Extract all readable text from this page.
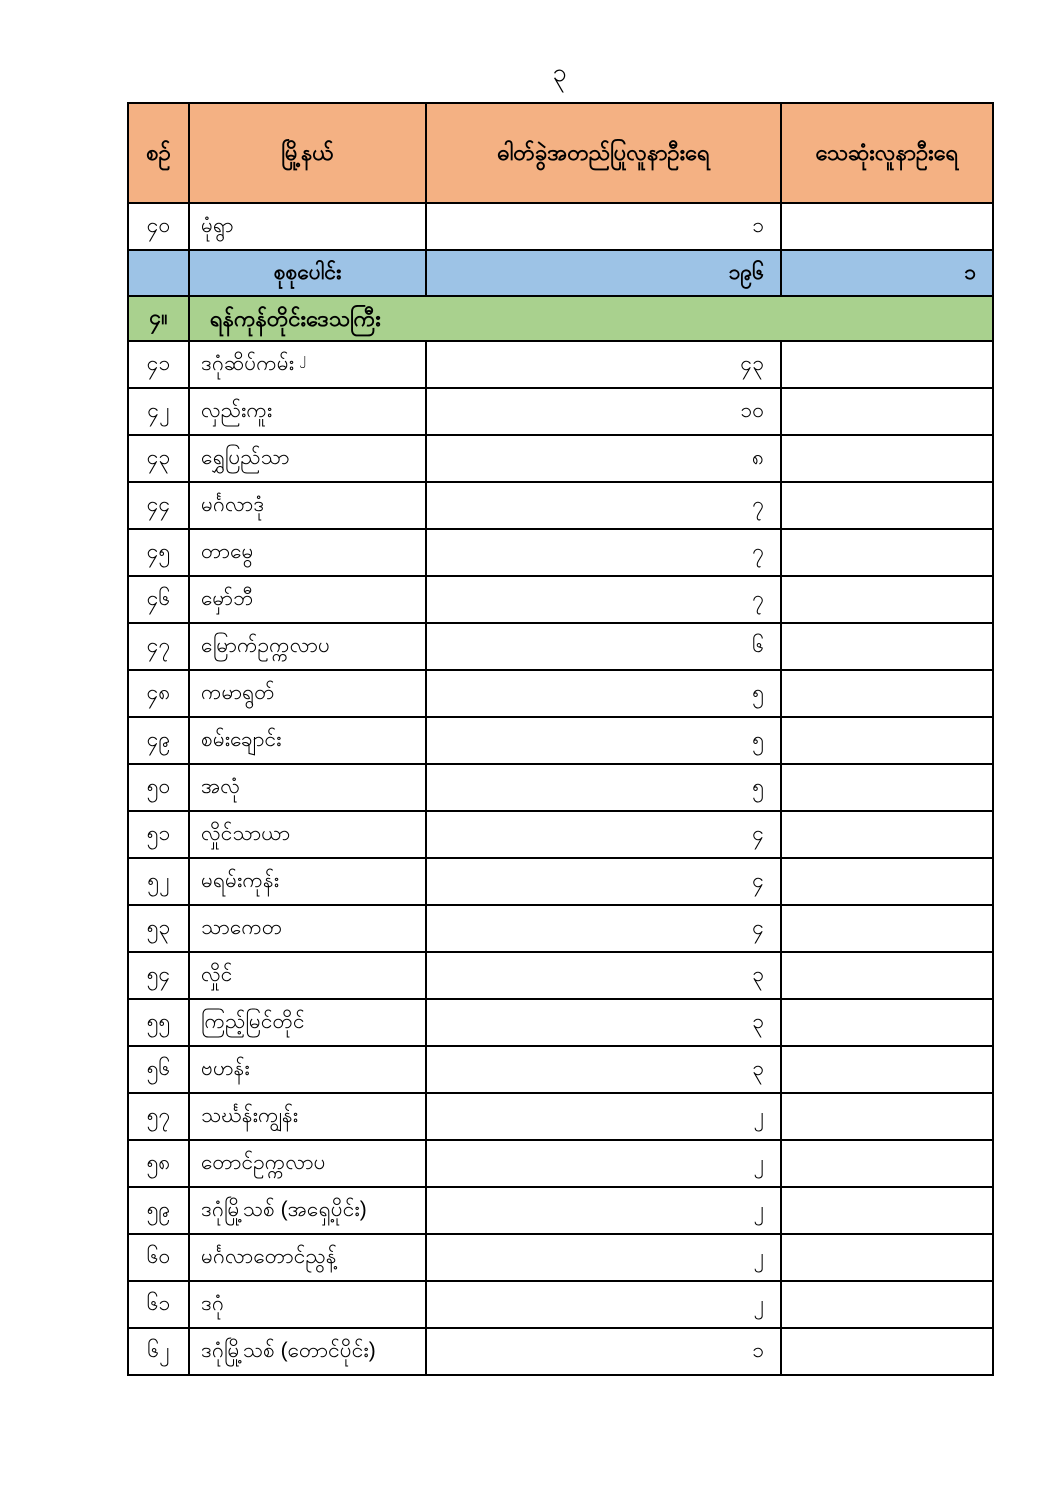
၃
စဉ်	မြို့နယ်	ဓါတ်ခွဲအတည်ပြုလူနာဦးရေ	သေဆုံးလူနာဦးရေ
၄၀	မုံရွာ	၁	
	စုစုပေါင်း	၁၉၆	၁
၄။	ရန်ကုန်တိုင်းဒေသကြီး		
၄၁	ဒဂုံဆိပ်ကမ်း $^၂$	၄၃	
၄၂	လှည်းကူး	၁၀	
၄၃	ရွှေပြည်သာ	၈	
၄၄	မင်္ဂလာဒုံ	၇	
၄၅	တာမွေ	၇	
၄၆	မှော်ဘီ	၇	
၄၇	မြောက်ဥက္ကလာပ	၆	
၄၈	ကမာရွတ်	၅	
၄၉	စမ်းချောင်း	၅	
၅၀	အလုံ	၅	
၅၁	လှိုင်သာယာ	၄	
၅၂	မရမ်းကုန်း	၄	
၅၃	သာကေတ	၄	
၅၄	လှိုင်	၃	
၅၅	ကြည့်မြင်တိုင်	၃	
၅၆	ဗဟန်း	၃	
၅၇	သင်္ဃန်းကျွန်း	၂	
၅၈	တောင်ဥက္ကလာပ	၂	
၅၉	ဒဂုံမြို့သစ် (အရှေ့ပိုင်း)	၂	
၆၀	မင်္ဂလာတောင်ညွန့်	၂	
၆၁	ဒဂုံ	၂	
၆၂	ဒဂုံမြို့သစ် (တောင်ပိုင်း)	၁	
